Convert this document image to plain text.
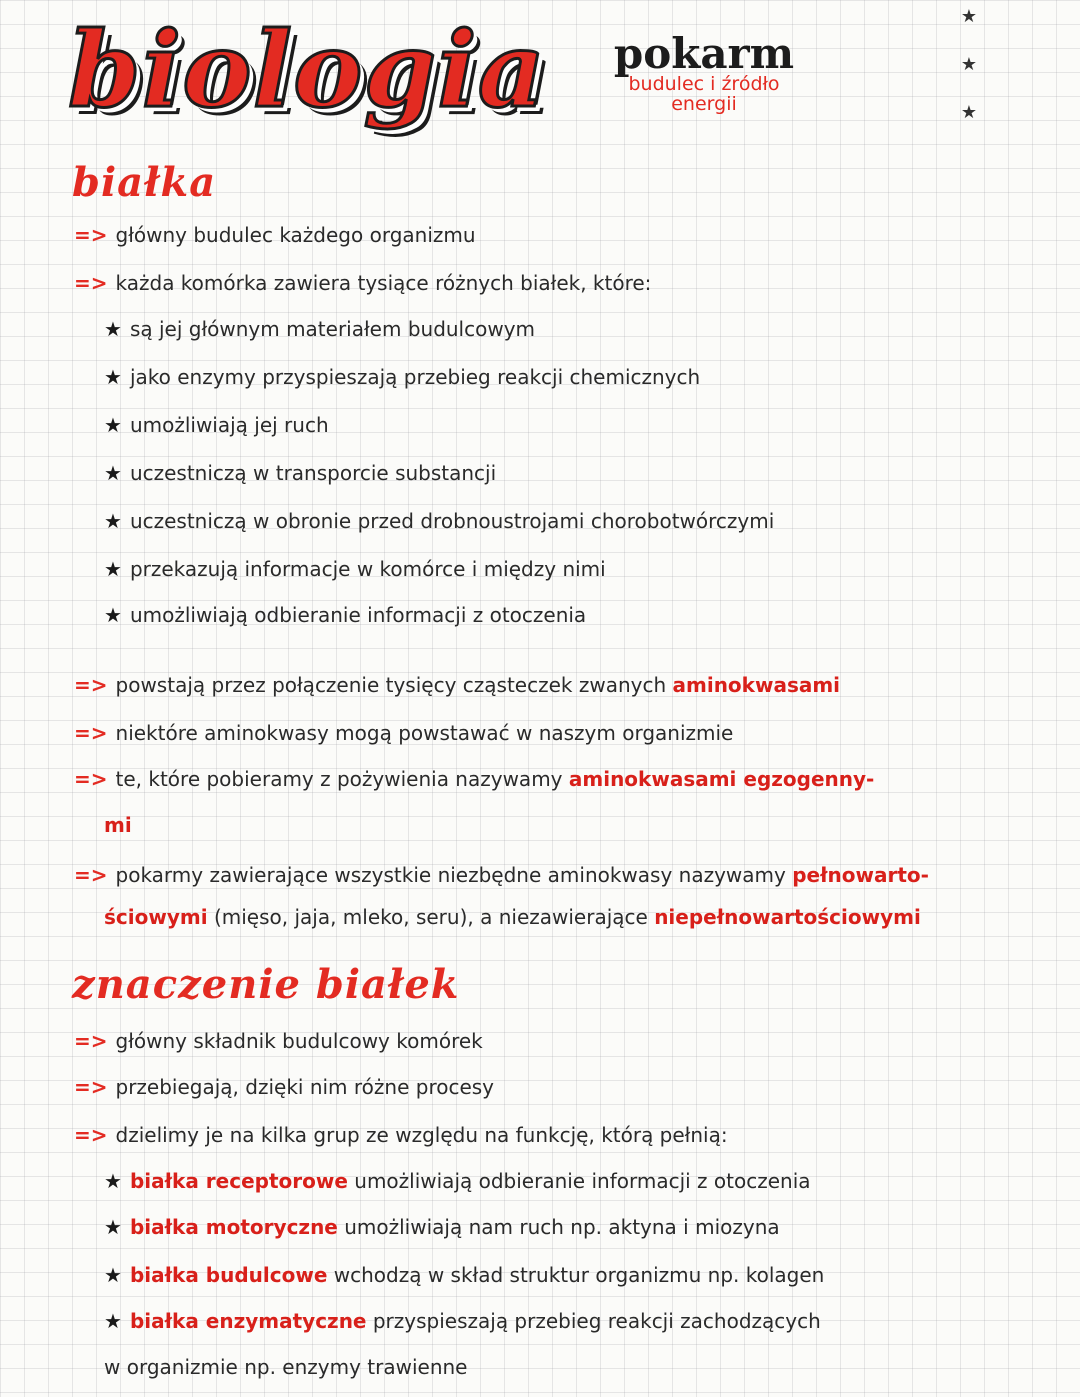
biologia	pokarm
budulec i źródło
energii
★
★
★
białka
=> główny budulec każdego organizmu
=> każda komórka zawiera tysiące różnych białek, które:
★ są jej głównym materiałem budulcowym
★ jako enzymy przyspieszają przebieg reakcji chemicznych
★ umożliwiają jej ruch
★ uczestniczą w transporcie substancji
★ uczestniczą w obronie przed drobnoustrojami chorobotwórczymi
★ przekazują informacje w komórce i między nimi
★ umożliwiają odbieranie informacji z otoczenia
=> powstają przez połączenie tysięcy cząsteczek zwanych aminokwasami
=> niektóre aminokwasy mogą powstawać w naszym organizmie
=> te, które pobieramy z pożywienia nazywamy aminokwasami egzogenny-
mi
=> pokarmy zawierające wszystkie niezbędne aminokwasy nazywamy pełnowarto-
ściowymi (mięso, jaja, mleko, seru), a niezawierające niepełnowartościowymi
znaczenie białek
=> główny składnik budulcowy komórek
=> przebiegają, dzięki nim różne procesy
=> dzielimy je na kilka grup ze względu na funkcję, którą pełnią:
★ białka receptorowe umożliwiają odbieranie informacji z otoczenia
★ białka motoryczne umożliwiają nam ruch np. aktyna i miozyna
★ białka budulcowe wchodzą w skład struktur organizmu np. kolagen
★ białka enzymatyczne przyspieszają przebieg reakcji zachodzących
w organizmie np. enzymy trawienne
